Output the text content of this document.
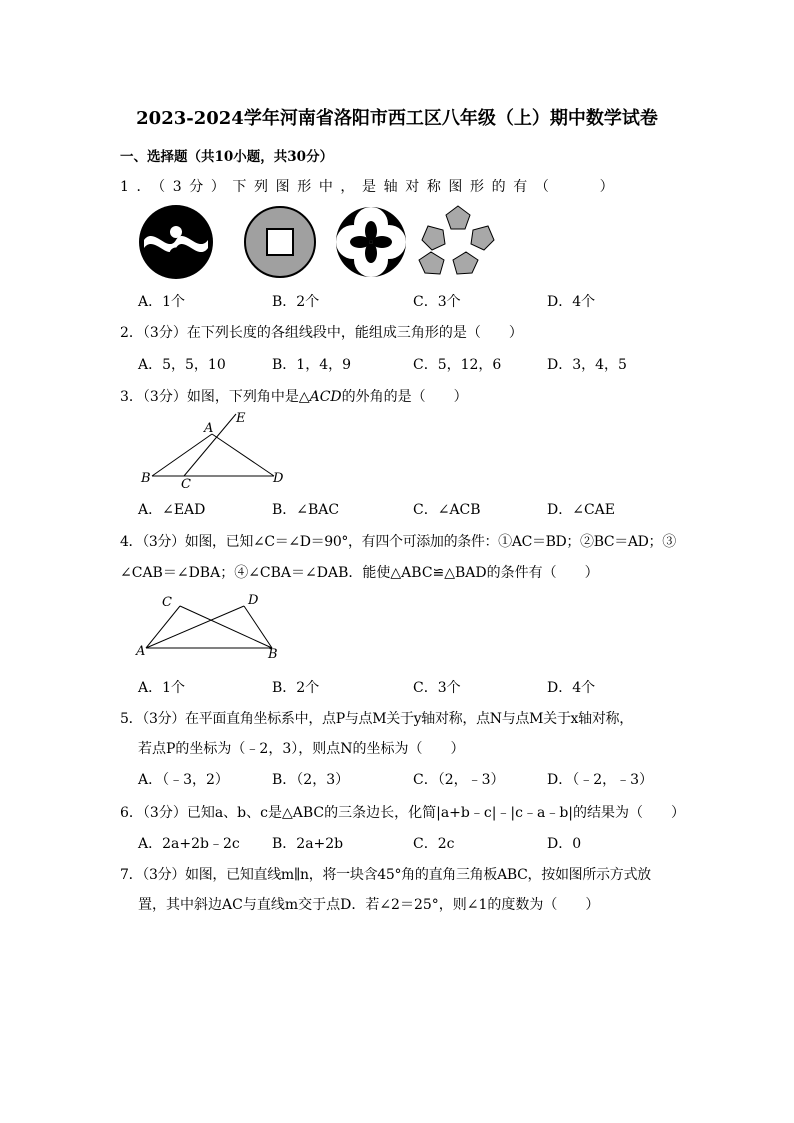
2023-2024学年河南省洛阳市西工区八年级（上）期中数学试卷
一、选择题（共10小题，共30分）
1．（3分）下列图形中，是轴对称图形的有（　　）
A．1个	B．2个	C．3个	D．4个
2．（3分）在下列长度的各组线段中，能组成三角形的是（　　）
A．5，5，10	B．1，4，9	C．5，12，6	D．3，4，5
3．（3分）如图，下列角中是△ACD的外角的是（　　）
E
A
B C	D
A．∠EAD	B．∠BAC	C．∠ACB	D．∠CAE
4．（3分）如图，已知∠C＝∠D＝90°，有四个可添加的条件：①AC＝BD；②BC＝AD；③
∠CAB＝∠DBA；④∠CBA＝∠DAB．能使△ABC≌△BAD的条件有（　　）
C	D
A	B
A．1个	B．2个	C．3个	D．4个
5．（3分）在平面直角坐标系中，点P与点M关于y轴对称，点N与点M关于x轴对称，
若点P的坐标为（﹣2，3），则点N的坐标为（　　）
A．（﹣3，2）	B．（2，3）	C．（2，﹣3）	D．（﹣2，﹣3）
6．（3分）已知a、b、c是△ABC的三条边长，化简|a+b﹣c|﹣|c﹣a﹣b|的结果为（　　）
A．2a+2b﹣2c B．2a+2b	C．2c	D．0
7．（3分）如图，已知直线m∥n，将一块含45°角的直角三角板ABC，按如图所示方式放
置，其中斜边AC与直线m交于点D．若∠2＝25°，则∠1的度数为（　　）
